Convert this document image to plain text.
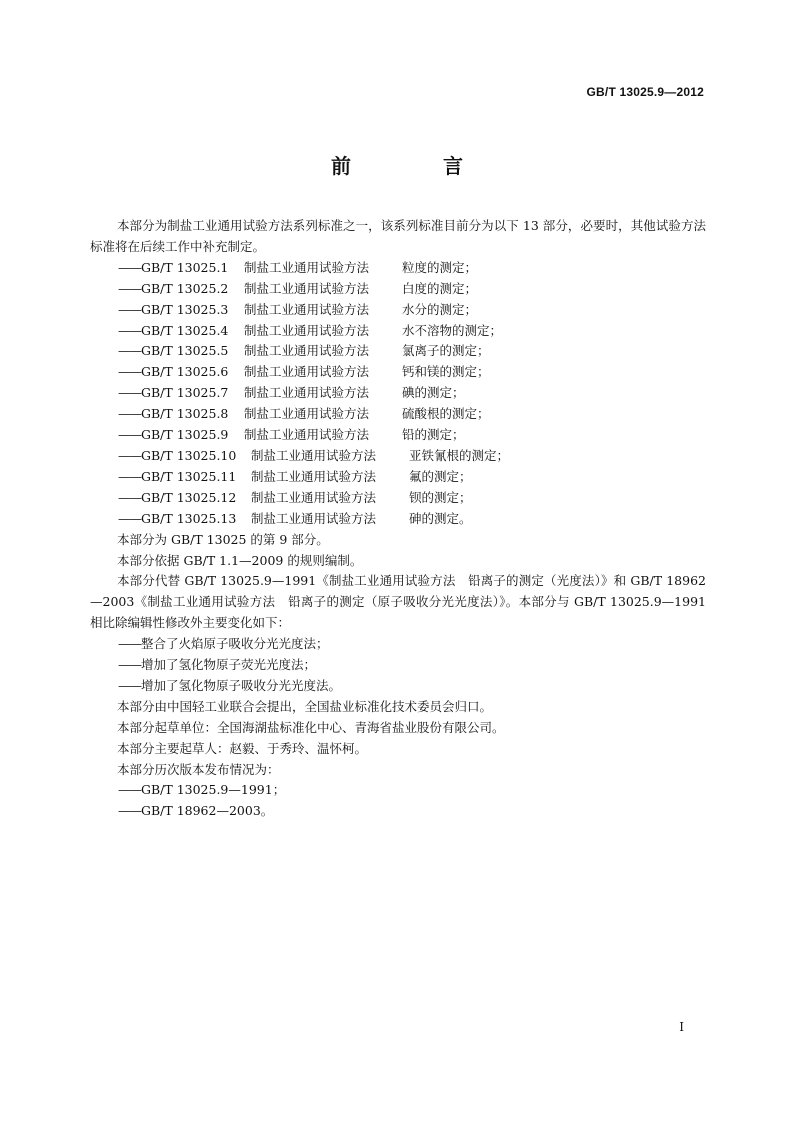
GB/T 13025.9—2012
前　言

本部分为制盐工业通用试验方法系列标准之一，该系列标准目前分为以下 13 部分，必要时，其他试验方法标准将在后续工作中补充制定。

——GB/T 13025.1 制盐工业通用试验方法	粒度的测定；

——GB/T 13025.2 制盐工业通用试验方法	白度的测定；

——GB/T 13025.3 制盐工业通用试验方法	水分的测定；

——GB/T 13025.4 制盐工业通用试验方法	水不溶物的测定；

——GB/T 13025.5 制盐工业通用试验方法	氯离子的测定；

——GB/T 13025.6 制盐工业通用试验方法	钙和镁的测定；

——GB/T 13025.7 制盐工业通用试验方法	碘的测定；

——GB/T 13025.8 制盐工业通用试验方法	硫酸根的测定；

——GB/T 13025.9 制盐工业通用试验方法	铅的测定；

——GB/T 13025.10 制盐工业通用试验方法	亚铁氰根的测定；

——GB/T 13025.11 制盐工业通用试验方法	氟的测定；

——GB/T 13025.12 制盐工业通用试验方法	钡的测定；

——GB/T 13025.13 制盐工业通用试验方法	砷的测定。

本部分为 GB/T 13025 的第 9 部分。

本部分依据 GB/T 1.1—2009 的规则编制。

本部分代替 GB/T 13025.9—1991《制盐工业通用试验方法　铅离子的测定（光度法）》和 GB/T 18962—2003《制盐工业通用试验方法　铅离子的测定（原子吸收分光光度法）》。本部分与 GB/T 13025.9—1991 相比除编辑性修改外主要变化如下：

——整合了火焰原子吸收分光光度法；

——增加了氢化物原子荧光光度法；

——增加了氢化物原子吸收分光光度法。

本部分由中国轻工业联合会提出，全国盐业标准化技术委员会归口。

本部分起草单位：全国海湖盐标准化中心、青海省盐业股份有限公司。

本部分主要起草人：赵毅、于秀玲、温怀柯。

本部分历次版本发布情况为：

——GB/T 13025.9—1991；

——GB/T 18962—2003。

I
